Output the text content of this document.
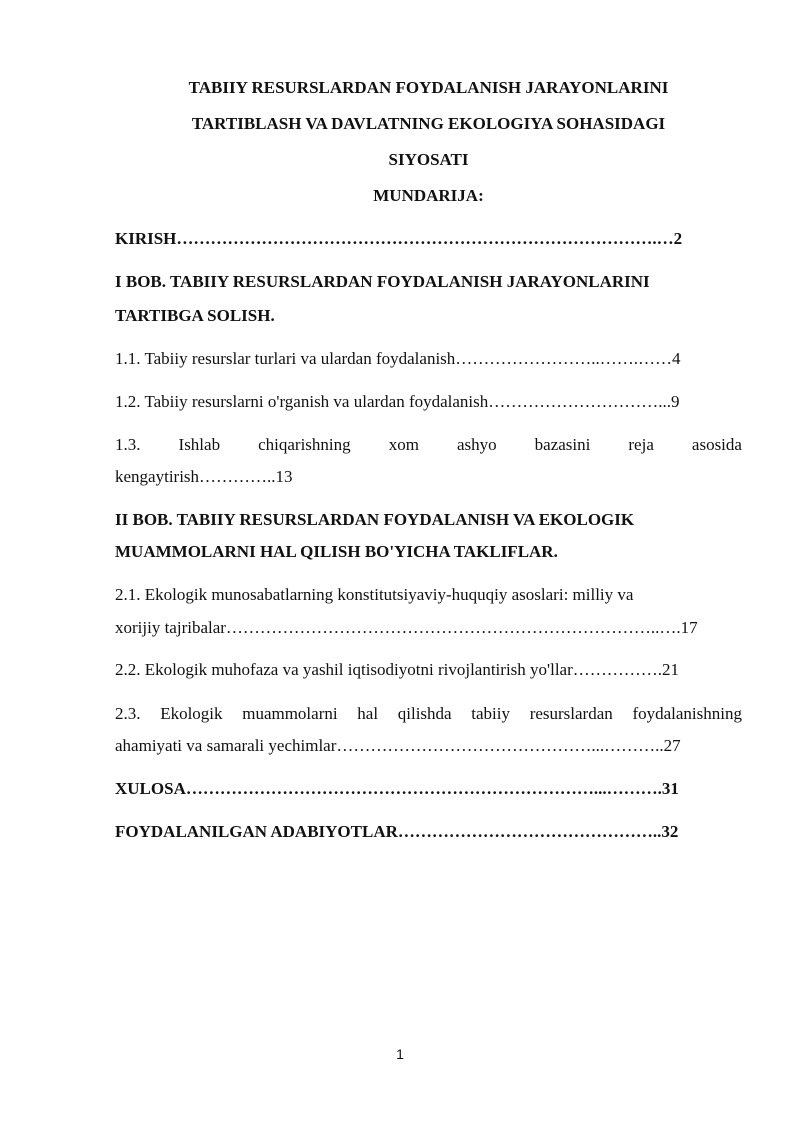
TABIIY RESURSLARDAN FOYDALANISH JARAYONLARINI
TARTIBLASH VA DAVLATNING EKOLOGIYA SOHASIDAGI
SIYOSATI
MUNDARIJA:
KIRISH………………………………………………………………………….…2
I BOB. TABIIY RESURSLARDAN FOYDALANISH JARAYONLARINI
TARTIBGA SOLISH.
1.1. Tabiiy resurslar turlari va ulardan foydalanish……………………..…….……4
1.2. Tabiiy resurslarni o'rganish va ulardan foydalanish…………………………...9
1.3. Ishlab chiqarishning xom ashyo bazasini reja asosida
kengaytirish…………..13
II BOB. TABIIY RESURSLARDAN FOYDALANISH VA EKOLOGIK
MUAMMOLARNI HAL QILISH BO'YICHA TAKLIFLAR.
2.1. Ekologik munosabatlarning konstitutsiyaviy-huquqiy asoslari: milliy va
xorijiy tajribalar…………………………………………………………………..….17
2.2. Ekologik muhofaza va yashil iqtisodiyotni rivojlantirish yo'llar…………….21
2.3. Ekologik muammolarni hal qilishda tabiiy resurslardan foydalanishning
ahamiyati va samarali yechimlar………………………………………...………..27
XULOSA………………………………………………………………...……….31
FOYDALANILGAN ADABIYOTLAR………………………………………..32
1
